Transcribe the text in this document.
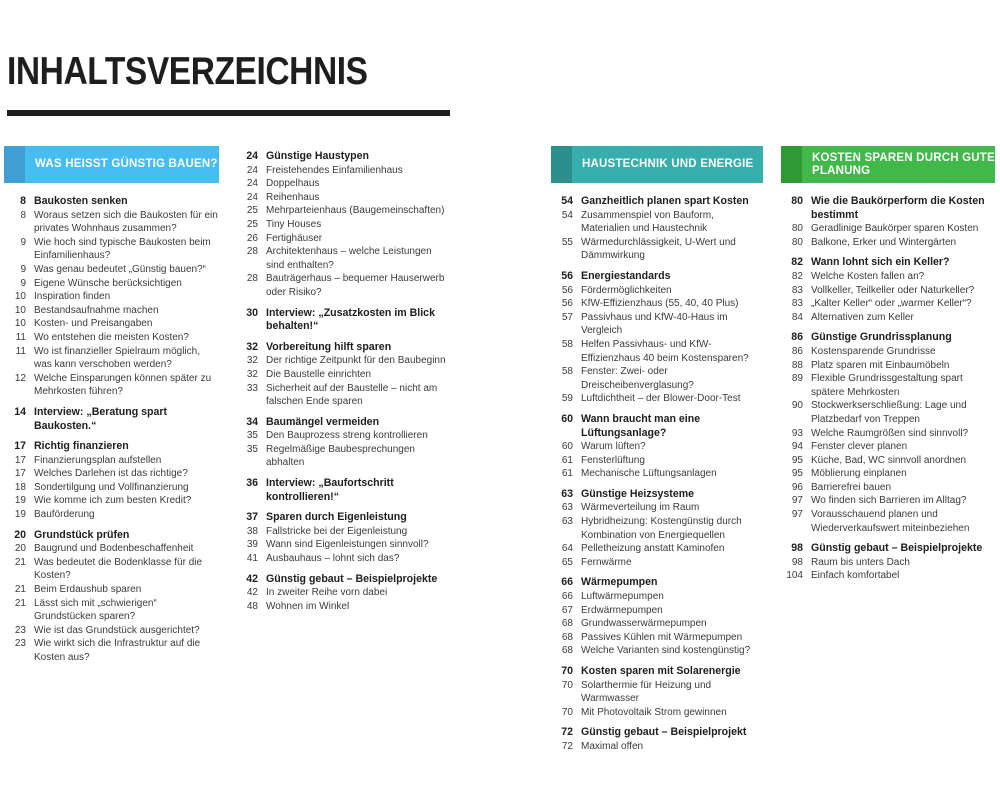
INHALTSVERZEICHNIS
WAS HEISST GÜNSTIG BAUEN?
8 Baukosten senken
8 Woraus setzen sich die Baukosten für ein privates Wohnhaus zusammen?
9 Wie hoch sind typische Baukosten beim Einfamilienhaus?
9 Was genau bedeutet „Günstig bauen?“
9 Eigene Wünsche berücksichtigen
10 Inspiration finden
10 Bestandsaufnahme machen
10 Kosten- und Preisangaben
11 Wo entstehen die meisten Kosten?
11 Wo ist finanzieller Spielraum möglich, was kann verschoben werden?
12 Welche Einsparungen können später zu Mehrkosten führen?
14 Interview: „Beratung spart Baukosten.“
17 Richtig finanzieren
17 Finanzierungsplan aufstellen
17 Welches Darlehen ist das richtige?
18 Sondertilgung und Vollfinanzierung
19 Wie komme ich zum besten Kredit?
19 Bauförderung
20 Grundstück prüfen
20 Baugrund und Bodenbeschaffenheit
21 Was bedeutet die Bodenklasse für die Kosten?
21 Beim Erdaushub sparen
21 Lässt sich mit „schwierigen“ Grundstücken sparen?
23 Wie ist das Grundstück ausgerichtet?
23 Wie wirkt sich die Infrastruktur auf die Kosten aus?
24 Günstige Haustypen
24 Freistehendes Einfamilienhaus
24 Doppelhaus
24 Reihenhaus
25 Mehrparteienhaus (Baugemeinschaften)
25 Tiny Houses
26 Fertighäuser
28 Architektenhaus – welche Leistungen sind enthalten?
28 Bauträgerhaus – bequemer Hauserwerb oder Risiko?
30 Interview: „Zusatzkosten im Blick behalten!“
32 Vorbereitung hilft sparen
32 Der richtige Zeitpunkt für den Baubeginn
32 Die Baustelle einrichten
33 Sicherheit auf der Baustelle – nicht am falschen Ende sparen
34 Baumängel vermeiden
35 Den Bauprozess streng kontrollieren
35 Regelmäßige Baubesprechungen abhalten
36 Interview: „Baufortschritt kontrollieren!“
37 Sparen durch Eigenleistung
38 Fallstricke bei der Eigenleistung
39 Wann sind Eigenleistungen sinnvoll?
41 Ausbauhaus – lohnt sich das?
42 Günstig gebaut – Beispielprojekte
42 In zweiter Reihe vorn dabei
48 Wohnen im Winkel
HAUSTECHNIK UND ENERGIE
54 Ganzheitlich planen spart Kosten
54 Zusammenspiel von Bauform, Materialien und Haustechnik
55 Wärmedurchlässigkeit, U-Wert und Dämmwirkung
56 Energiestandards
56 Fördermöglichkeiten
56 KfW-Effizienzhaus (55, 40, 40 Plus)
57 Passivhaus und KfW-40-Haus im Vergleich
58 Helfen Passivhaus- und KfW- Effizienzhaus 40 beim Kostensparen?
58 Fenster: Zwei- oder Dreischeibenverglasung?
59 Luftdichtheit – der Blower-Door-Test
60 Wann braucht man eine Lüftungsanlage?
60 Warum lüften?
61 Fensterlüftung
61 Mechanische Lüftungsanlagen
63 Günstige Heizsysteme
63 Wärmeverteilung im Raum
63 Hybridheizung: Kostengünstig durch Kombination von Energiequellen
64 Pelletheizung anstatt Kaminofen
65 Fernwärme
66 Wärmepumpen
66 Luftwärmepumpen
67 Erdwärmepumpen
68 Grundwasserwärmepumpen
68 Passives Kühlen mit Wärmepumpen
68 Welche Varianten sind kostengünstig?
70 Kosten sparen mit Solarenergie
70 Solarthermie für Heizung und Warmwasser
70 Mit Photovoltaik Strom gewinnen
72 Günstig gebaut – Beispielprojekt
72 Maximal offen
KOSTEN SPAREN DURCH GUTE PLANUNG
80 Wie die Baukörperform die Kosten bestimmt
80 Geradlinige Baukörper sparen Kosten
80 Balkone, Erker und Wintergärten
82 Wann lohnt sich ein Keller?
82 Welche Kosten fallen an?
83 Vollkeller, Teilkeller oder Naturkeller?
83 „Kalter Keller“ oder „warmer Keller“?
84 Alternativen zum Keller
86 Günstige Grundrissplanung
86 Kostensparende Grundrisse
88 Platz sparen mit Einbaumöbeln
89 Flexible Grundrissgestaltung spart spätere Mehrkosten
90 Stockwerkserschließung: Lage und Platzbedarf von Treppen
93 Welche Raumgrößen sind sinnvoll?
94 Fenster clever planen
95 Küche, Bad, WC sinnvoll anordnen
95 Möblierung einplanen
96 Barrierefrei bauen
97 Wo finden sich Barrieren im Alltag?
97 Vorausschauend planen und Wiederverkaufswert miteinbeziehen
98 Günstig gebaut – Beispielprojekte
98 Raum bis unters Dach
104 Einfach komfortabel
